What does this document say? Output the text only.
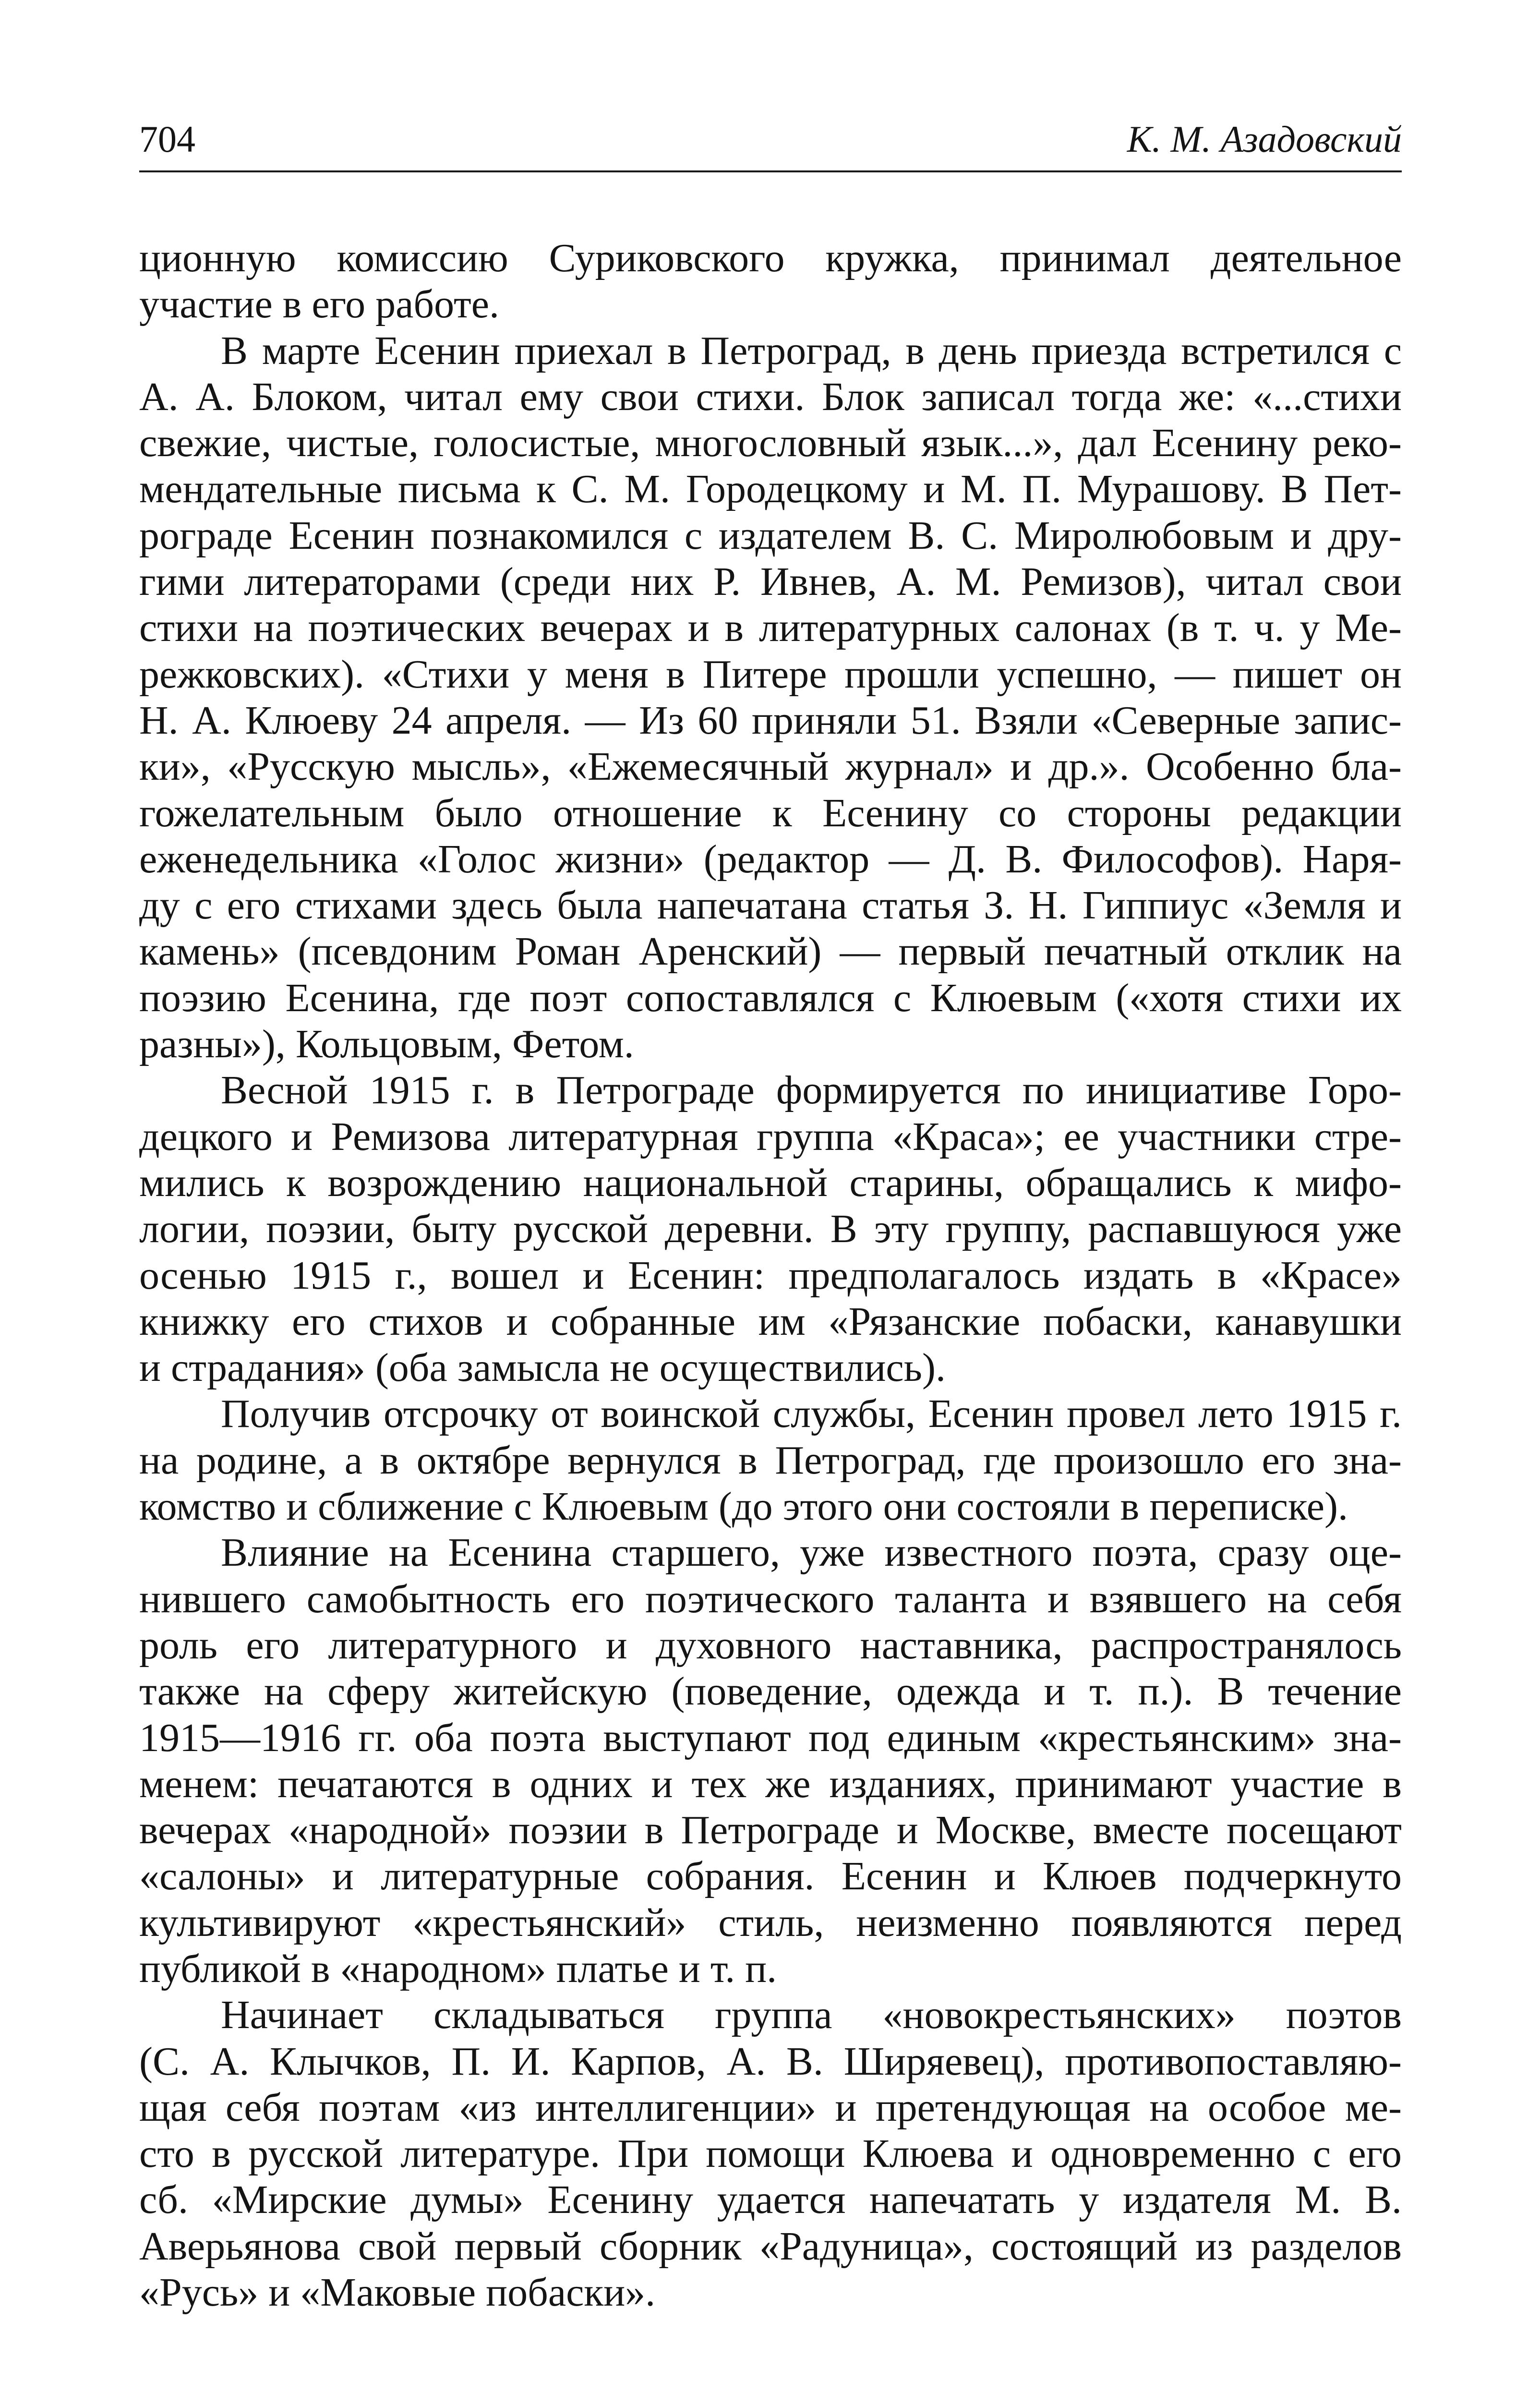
704	К. М. Азадовский
ционную комиссию Суриковского кружка, принимал деятельное
участие в его работе.
В марте Есенин приехал в Петроград, в день приезда встретился с
А. А. Блоком, читал ему свои стихи. Блок записал тогда же: «...стихи
свежие, чистые, голосистые, многословный язык...», дал Есенину реко-
мендательные письма к С. М. Городецкому и М. П. Мурашову. В Пет-
рограде Есенин познакомился с издателем В. С. Миролюбовым и дру-
гими литераторами (среди них Р. Ивнев, А. М. Ремизов), читал свои
стихи на поэтических вечерах и в литературных салонах (в т. ч. у Ме-
режковских). «Стихи у меня в Питере прошли успешно, — пишет он
Н. А. Клюеву 24 апреля. — Из 60 приняли 51. Взяли «Северные запис-
ки», «Русскую мысль», «Ежемесячный журнал» и др.». Особенно бла-
гожелательным было отношение к Есенину со стороны редакции
еженедельника «Голос жизни» (редактор — Д. В. Философов). Наря-
ду с его стихами здесь была напечатана статья З. Н. Гиппиус «Земля и
камень» (псевдоним Роман Аренский) — первый печатный отклик на
поэзию Есенина, где поэт сопоставлялся с Клюевым («хотя стихи их
разны»), Кольцовым, Фетом.
Весной 1915 г. в Петрограде формируется по инициативе Горо-
децкого и Ремизова литературная группа «Краса»; ее участники стре-
мились к возрождению национальной старины, обращались к мифо-
логии, поэзии, быту русской деревни. В эту группу, распавшуюся уже
осенью 1915 г., вошел и Есенин: предполагалось издать в «Красе»
книжку его стихов и собранные им «Рязанские побаски, канавушки
и страдания» (оба замысла не осуществились).
Получив отсрочку от воинской службы, Есенин провел лето 1915 г.
на родине, а в октябре вернулся в Петроград, где произошло его зна-
комство и сближение с Клюевым (до этого они состояли в переписке).
Влияние на Есенина старшего, уже известного поэта, сразу оце-
нившего самобытность его поэтического таланта и взявшего на себя
роль его литературного и духовного наставника, распространялось
также на сферу житейскую (поведение, одежда и т. п.). В течение
1915—1916 гг. оба поэта выступают под единым «крестьянским» зна-
менем: печатаются в одних и тех же изданиях, принимают участие в
вечерах «народной» поэзии в Петрограде и Москве, вместе посещают
«салоны» и литературные собрания. Есенин и Клюев подчеркнуто
культивируют «крестьянский» стиль, неизменно появляются перед
публикой в «народном» платье и т. п.
Начинает складываться группа «новокрестьянских» поэтов
(С. А. Клычков, П. И. Карпов, А. В. Ширяевец), противопоставляю-
щая себя поэтам «из интеллигенции» и претендующая на особое ме-
сто в русской литературе. При помощи Клюева и одновременно с его
сб. «Мирские думы» Есенину удается напечатать у издателя М. В.
Аверьянова свой первый сборник «Радуница», состоящий из разделов
«Русь» и «Маковые побаски».
